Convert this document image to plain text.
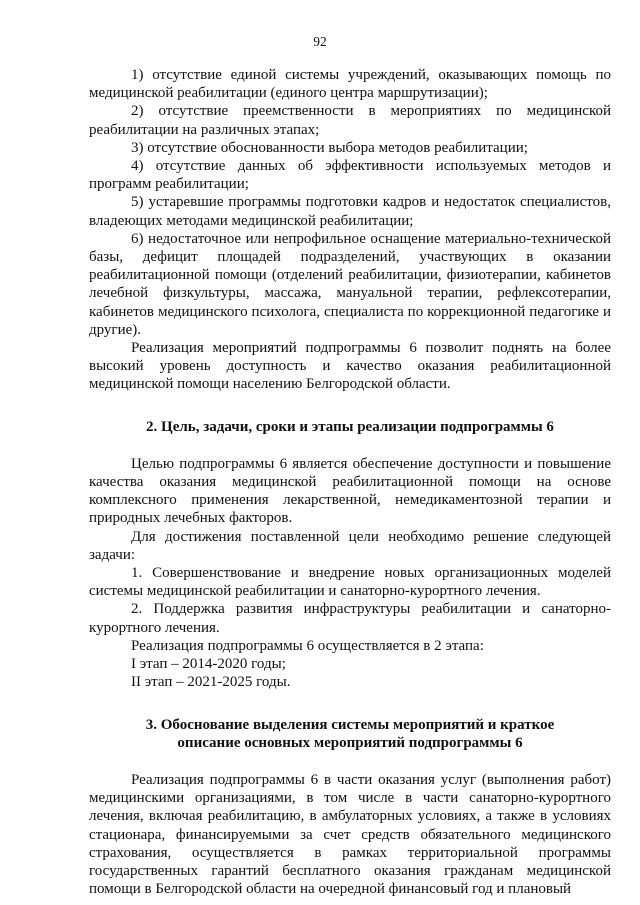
92

1) отсутствие единой системы учреждений, оказывающих помощь по медицинской реабилитации (единого центра маршрутизации);

2) отсутствие преемственности в мероприятиях по медицинской реабилитации на различных этапах;

3) отсутствие обоснованности выбора методов реабилитации;

4) отсутствие данных об эффективности используемых методов и программ реабилитации;

5) устаревшие программы подготовки кадров и недостаток специалистов, владеющих методами медицинской реабилитации;

6) недостаточное или непрофильное оснащение материально-технической базы, дефицит площадей подразделений, участвующих в оказании реабилитационной помощи (отделений реабилитации, физиотерапии, кабинетов лечебной физкультуры, массажа, мануальной терапии, рефлексотерапии, кабинетов медицинского психолога, специалиста по коррекционной педагогике и другие).

Реализация мероприятий подпрограммы 6 позволит поднять на более высокий уровень доступность и качество оказания реабилитационной медицинской помощи населению Белгородской области.

2. Цель, задачи, сроки и этапы реализации подпрограммы 6

Целью подпрограммы 6 является обеспечение доступности и повышение качества оказания медицинской реабилитационной помощи на основе комплексного применения лекарственной, немедикаментозной терапии и природных лечебных факторов.

Для достижения поставленной цели необходимо решение следующей задачи:

1. Совершенствование и внедрение новых организационных моделей системы медицинской реабилитации и санаторно-курортного лечения.

2. Поддержка развития инфраструктуры реабилитации и санаторно-курортного лечения.

Реализация подпрограммы 6 осуществляется в 2 этапа:

I этап – 2014-2020 годы;

II этап – 2021-2025 годы.

3. Обоснование выделения системы мероприятий и краткое
описание основных мероприятий подпрограммы 6

Реализация подпрограммы 6 в части оказания услуг (выполнения работ) медицинскими организациями, в том числе в части санаторно-курортного лечения, включая реабилитацию, в амбулаторных условиях, а также в условиях стационара, финансируемыми за счет средств обязательного медицинского страхования, осуществляется в рамках территориальной программы государственных гарантий бесплатного оказания гражданам медицинской помощи в Белгородской области на очередной финансовый год и плановый
